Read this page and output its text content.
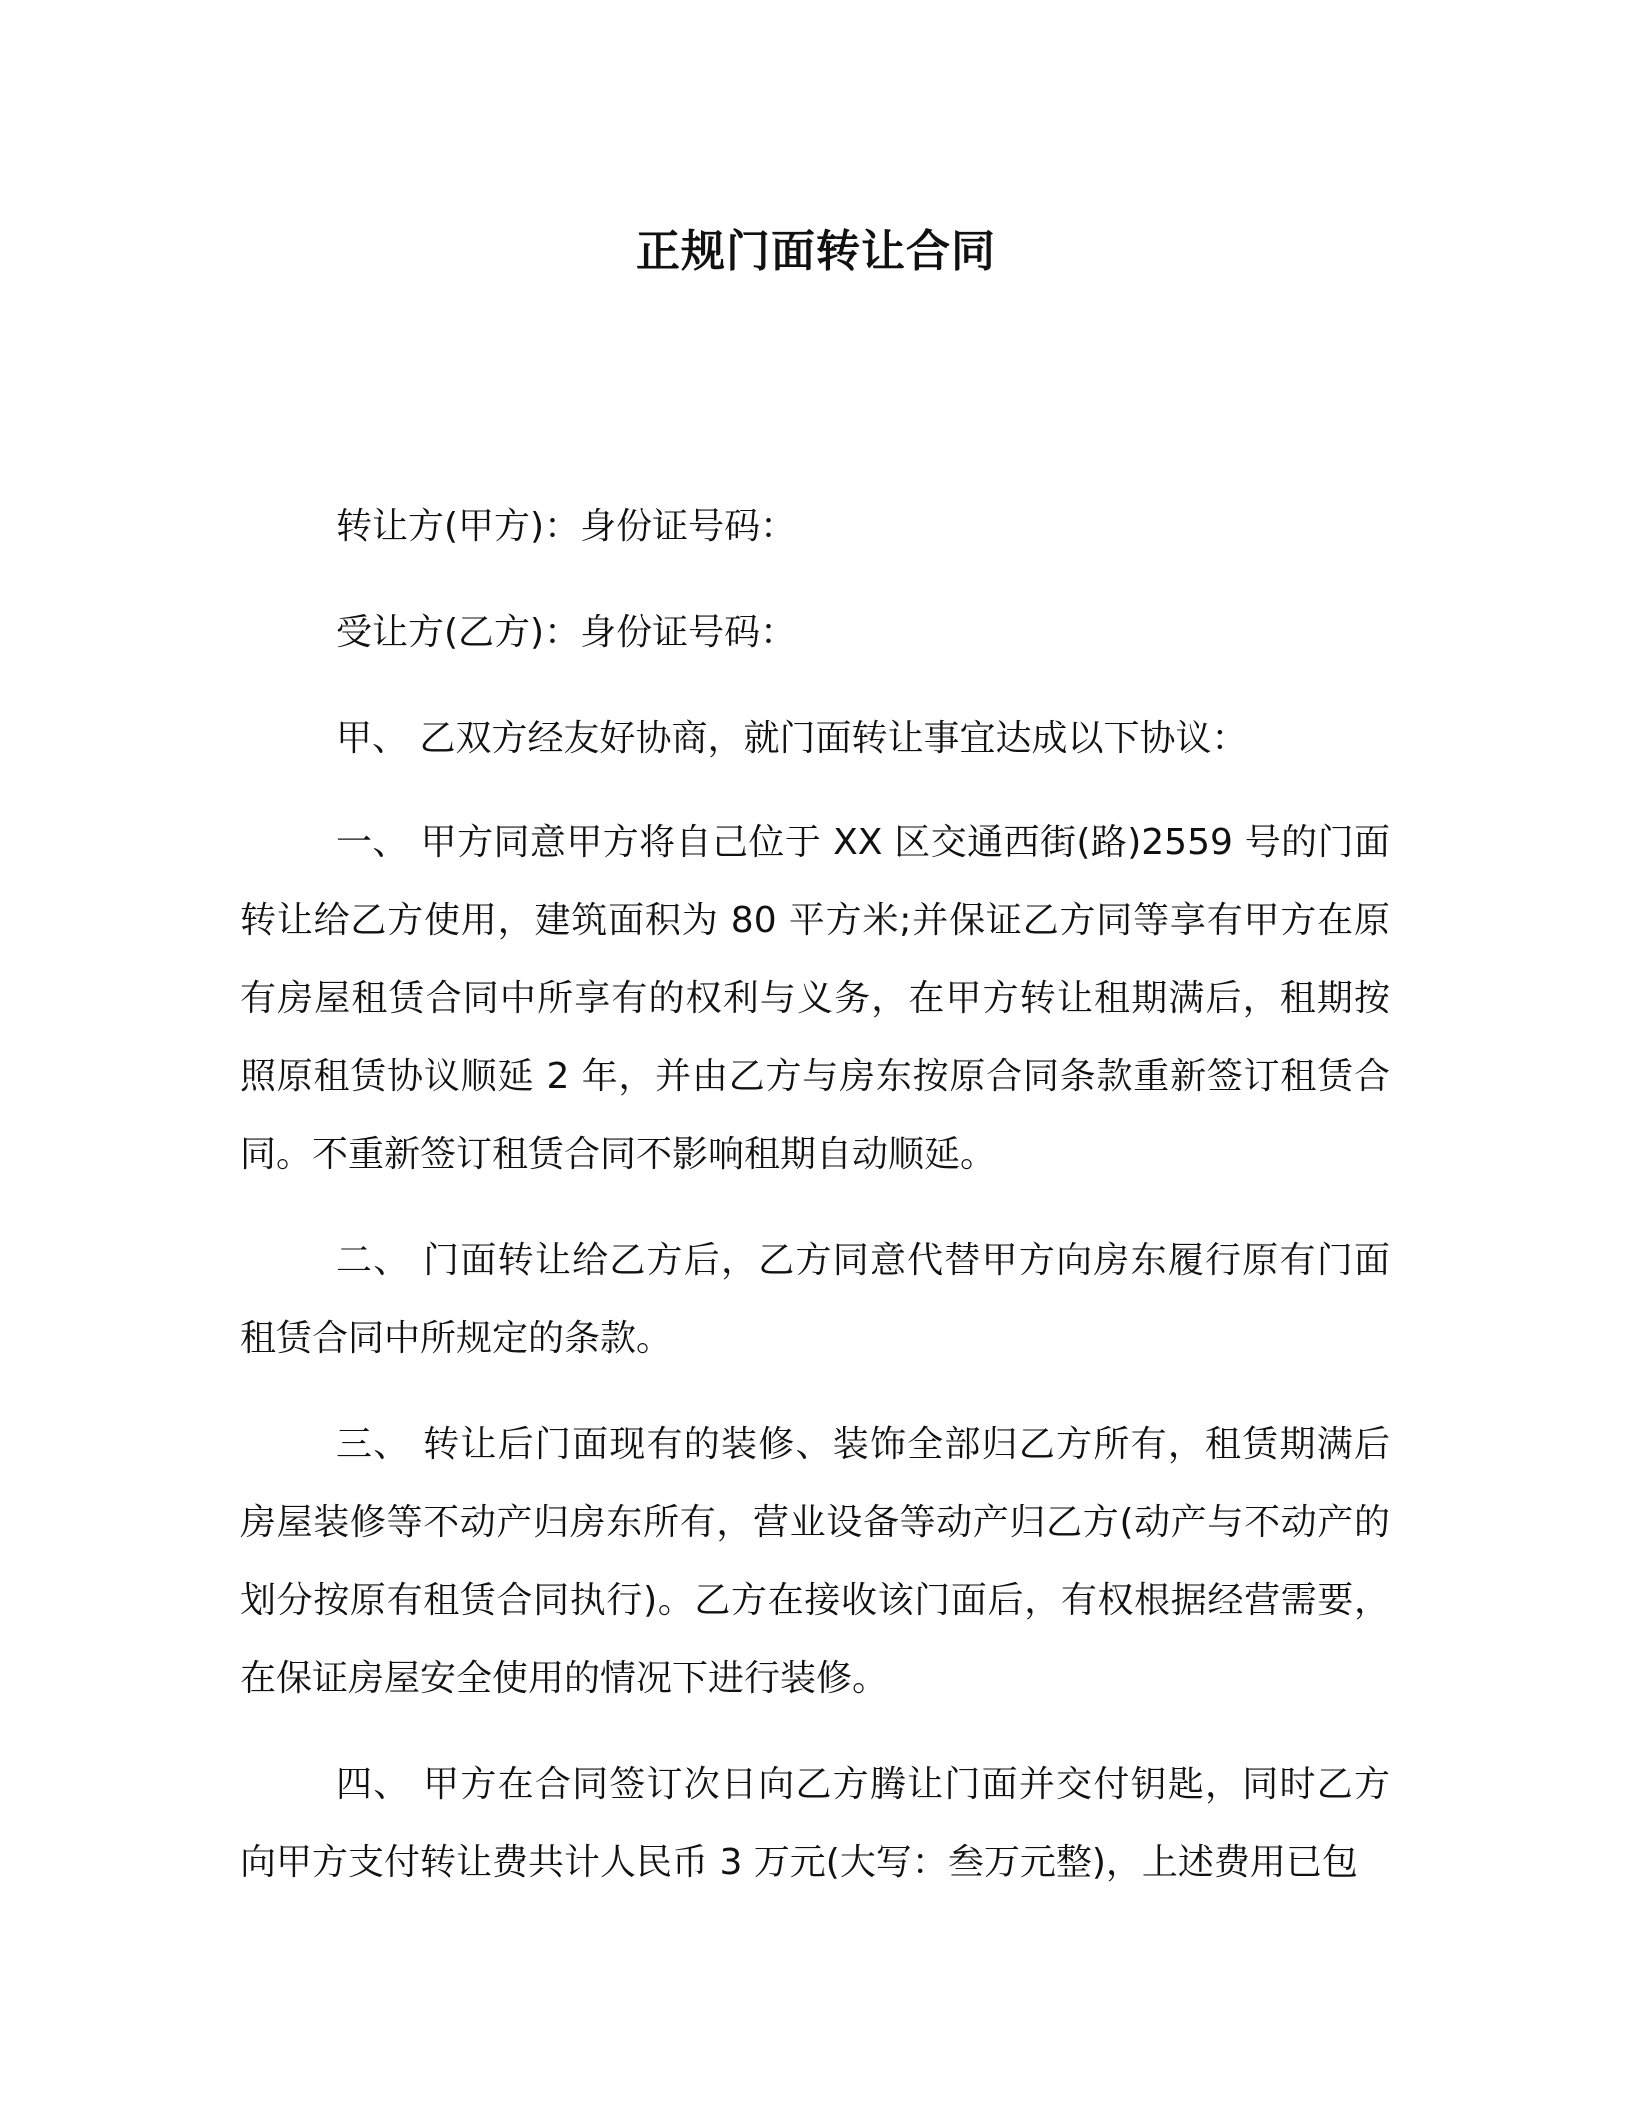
正规门面转让合同

转让方(甲方)：身份证号码：

受让方(乙方)：身份证号码：

甲、 乙双方经友好协商，就门面转让事宜达成以下协议：

一、 甲方同意甲方将自己位于 XX 区交通西街(路)2559 号的门面转让给乙方使用，建筑面积为 80 平方米;并保证乙方同等享有甲方在原有房屋租赁合同中所享有的权利与义务，在甲方转让租期满后，租期按照原租赁协议顺延 2 年，并由乙方与房东按原合同条款重新签订租赁合同。不重新签订租赁合同不影响租期自动顺延。

二、 门面转让给乙方后，乙方同意代替甲方向房东履行原有门面租赁合同中所规定的条款。

三、 转让后门面现有的装修、装饰全部归乙方所有，租赁期满后房屋装修等不动产归房东所有，营业设备等动产归乙方(动产与不动产的划分按原有租赁合同执行)。乙方在接收该门面后，有权根据经营需要，在保证房屋安全使用的情况下进行装修。

四、 甲方在合同签订次日向乙方腾让门面并交付钥匙，同时乙方向甲方支付转让费共计人民币 3 万元(大写：叁万元整)，上述费用已包
